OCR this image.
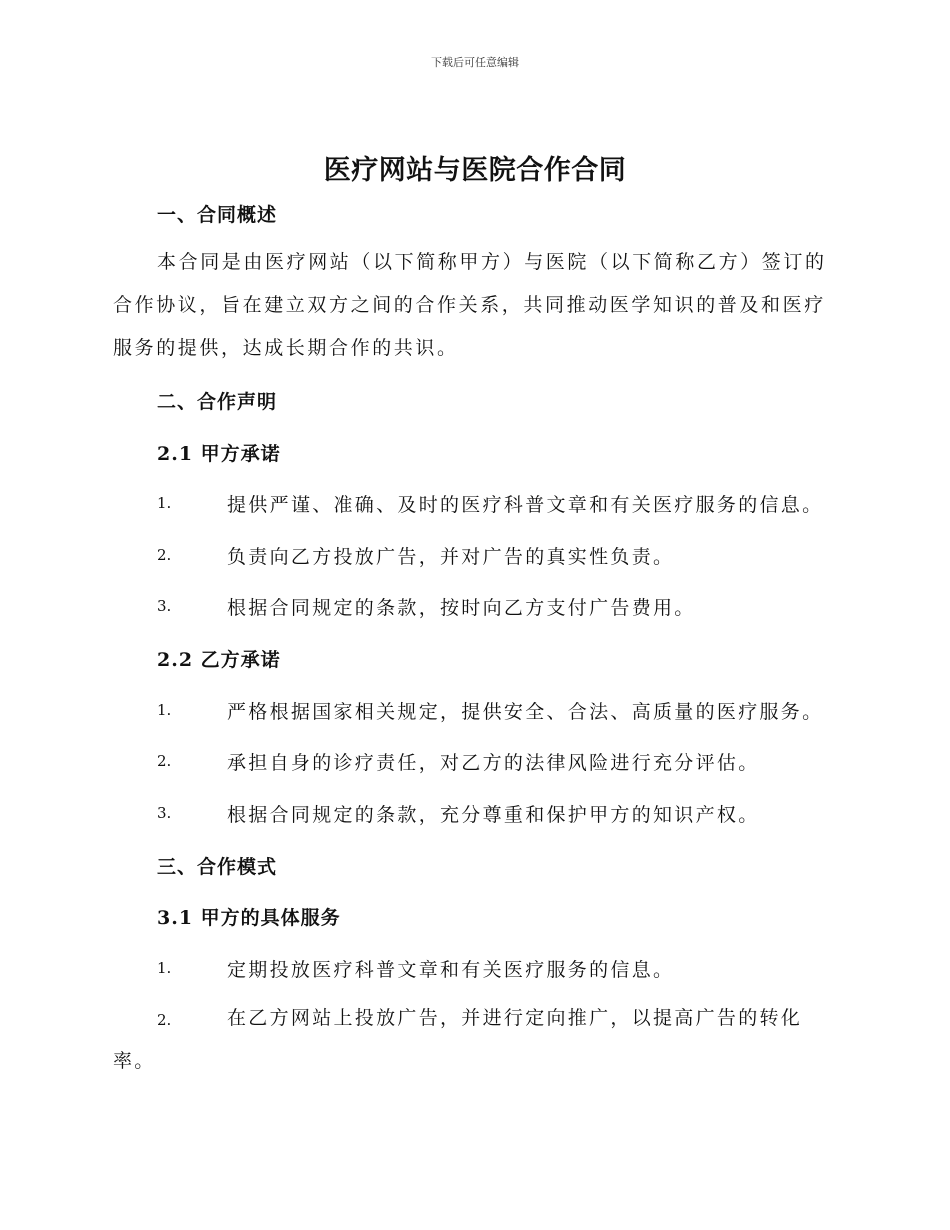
下载后可任意编辑
医疗网站与医院合作合同
一、合同概述
本合同是由医疗网站（以下简称甲方）与医院（以下简称乙方）签订的合作协议，旨在建立双方之间的合作关系，共同推动医学知识的普及和医疗服务的提供，达成长期合作的共识。
二、合作声明
2.1 甲方承诺
1.	提供严谨、准确、及时的医疗科普文章和有关医疗服务的信息。
2.	负责向乙方投放广告，并对广告的真实性负责。
3.	根据合同规定的条款，按时向乙方支付广告费用。
2.2 乙方承诺
1.	严格根据国家相关规定，提供安全、合法、高质量的医疗服务。
2.	承担自身的诊疗责任，对乙方的法律风险进行充分评估。
3.	根据合同规定的条款，充分尊重和保护甲方的知识产权。
三、合作模式
3.1 甲方的具体服务
1.	定期投放医疗科普文章和有关医疗服务的信息。
2.	在乙方网站上投放广告，并进行定向推广，以提高广告的转化
率。
